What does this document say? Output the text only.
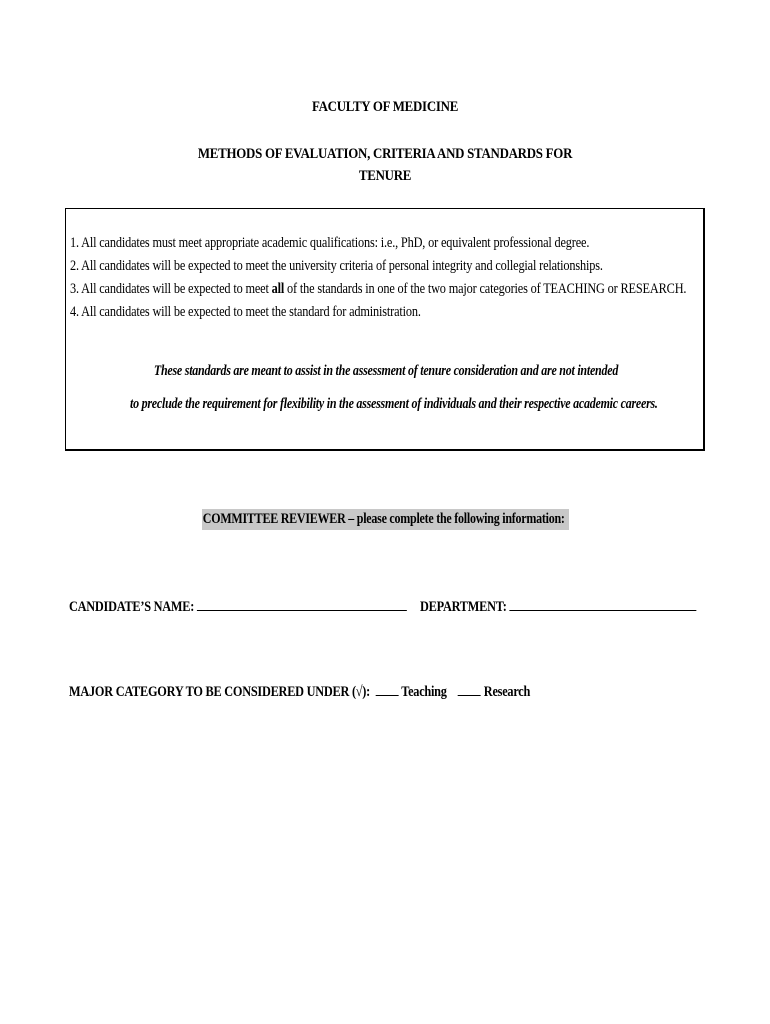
FACULTY OF MEDICINE
METHODS OF EVALUATION, CRITERIA AND STANDARDS FOR
TENURE
1. All candidates must meet appropriate academic qualifications: i.e., PhD, or equivalent professional degree.
2. All candidates will be expected to meet the university criteria of personal integrity and collegial relationships.
3. All candidates will be expected to meet all of the standards in one of the two major categories of TEACHING or RESEARCH.
4. All candidates will be expected to meet the standard for administration.
These standards are meant to assist in the assessment of tenure consideration and are not intended
to preclude the requirement for flexibility in the assessment of individuals and their respective academic careers.
COMMITTEE REVIEWER – please complete the following information:
CANDIDATE’S NAME:	DEPARTMENT:
MAJOR CATEGORY TO BE CONSIDERED UNDER (√): Teaching Research
